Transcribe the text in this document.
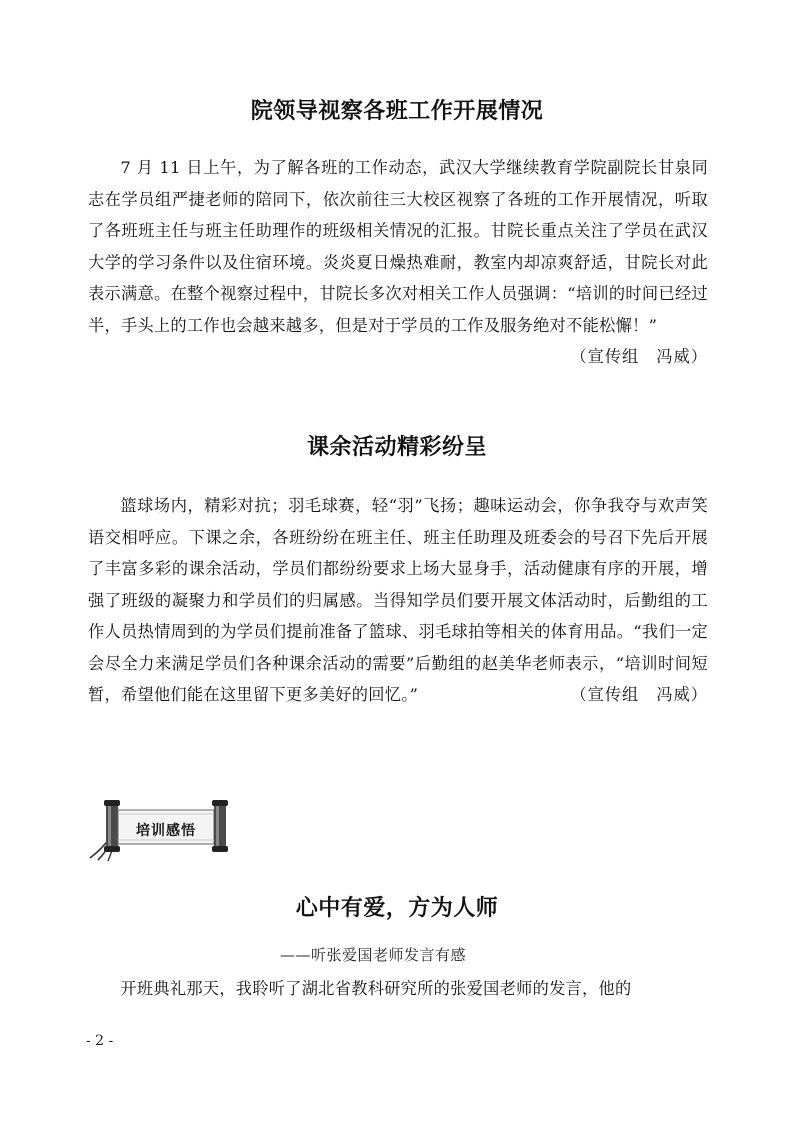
院领导视察各班工作开展情况

7 月 11 日上午，为了解各班的工作动态，武汉大学继续教育学院副院长甘泉同志在学员组严捷老师的陪同下，依次前往三大校区视察了各班的工作开展情况，听取了各班班主任与班主任助理作的班级相关情况的汇报。甘院长重点关注了学员在武汉大学的学习条件以及住宿环境。炎炎夏日燥热难耐，教室内却凉爽舒适，甘院长对此表示满意。在整个视察过程中，甘院长多次对相关工作人员强调：“培训的时间已经过半，手头上的工作也会越来越多，但是对于学员的工作及服务绝对不能松懈！”
（宣传组　冯威）

课余活动精彩纷呈

篮球场内，精彩对抗；羽毛球赛，轻“羽”飞扬；趣味运动会，你争我夺与欢声笑语交相呼应。下课之余，各班纷纷在班主任、班主任助理及班委会的号召下先后开展了丰富多彩的课余活动，学员们都纷纷要求上场大显身手，活动健康有序的开展，增强了班级的凝聚力和学员们的归属感。当得知学员们要开展文体活动时，后勤组的工作人员热情周到的为学员们提前准备了篮球、羽毛球拍等相关的体育用品。“我们一定会尽全力来满足学员们各种课余活动的需要”后勤组的赵美华老师表示，“培训时间短暂，希望他们能在这里留下更多美好的回忆。”	（宣传组　冯威）

培训感悟
心中有爱，方为人师
——听张爱国老师发言有感

开班典礼那天，我聆听了湖北省教科研究所的张爱国老师的发言，他的

- 2 -
